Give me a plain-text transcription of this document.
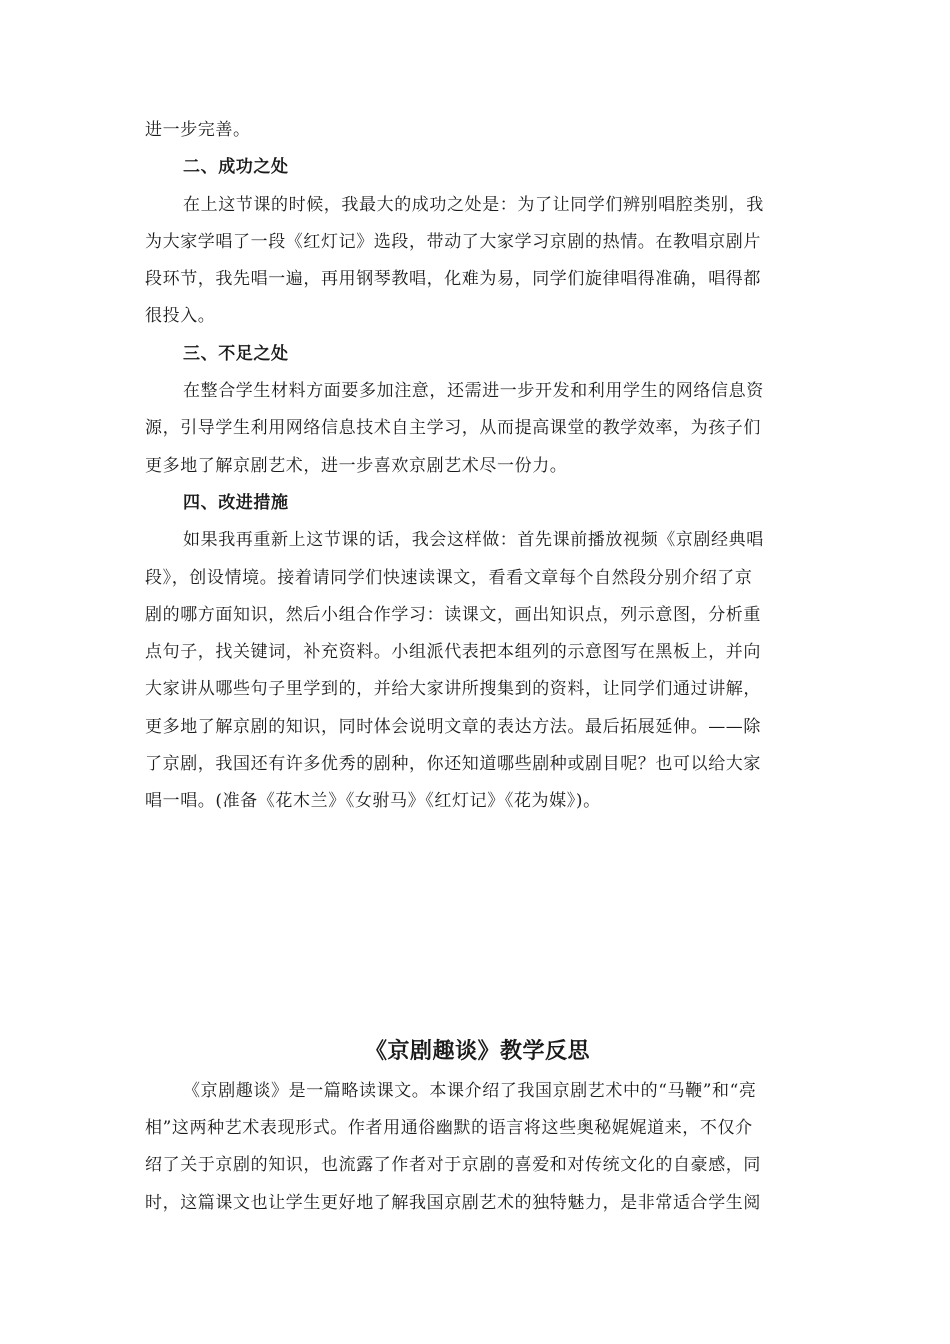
进一步完善。
二、成功之处
在上这节课的时候，我最大的成功之处是：为了让同学们辨别唱腔类别，我
为大家学唱了一段《红灯记》选段，带动了大家学习京剧的热情。在教唱京剧片
段环节，我先唱一遍，再用钢琴教唱，化难为易，同学们旋律唱得准确，唱得都
很投入。
三、不足之处
在整合学生材料方面要多加注意，还需进一步开发和利用学生的网络信息资
源，引导学生利用网络信息技术自主学习，从而提高课堂的教学效率，为孩子们
更多地了解京剧艺术，进一步喜欢京剧艺术尽一份力。
四、改进措施
如果我再重新上这节课的话，我会这样做：首先课前播放视频《京剧经典唱
段》，创设情境。接着请同学们快速读课文，看看文章每个自然段分别介绍了京
剧的哪方面知识，然后小组合作学习：读课文，画出知识点，列示意图，分析重
点句子，找关键词，补充资料。小组派代表把本组列的示意图写在黑板上，并向
大家讲从哪些句子里学到的，并给大家讲所搜集到的资料，让同学们通过讲解，
更多地了解京剧的知识，同时体会说明文章的表达方法。最后拓展延伸。——除
了京剧，我国还有许多优秀的剧种，你还知道哪些剧种或剧目呢？也可以给大家
唱一唱。(准备《花木兰》《女驸马》《红灯记》《花为媒》)。
《京剧趣谈》教学反思
《京剧趣谈》是一篇略读课文。本课介绍了我国京剧艺术中的“马鞭”和“亮
相”这两种艺术表现形式。作者用通俗幽默的语言将这些奥秘娓娓道来，不仅介
绍了关于京剧的知识，也流露了作者对于京剧的喜爱和对传统文化的自豪感，同
时，这篇课文也让学生更好地了解我国京剧艺术的独特魅力，是非常适合学生阅
